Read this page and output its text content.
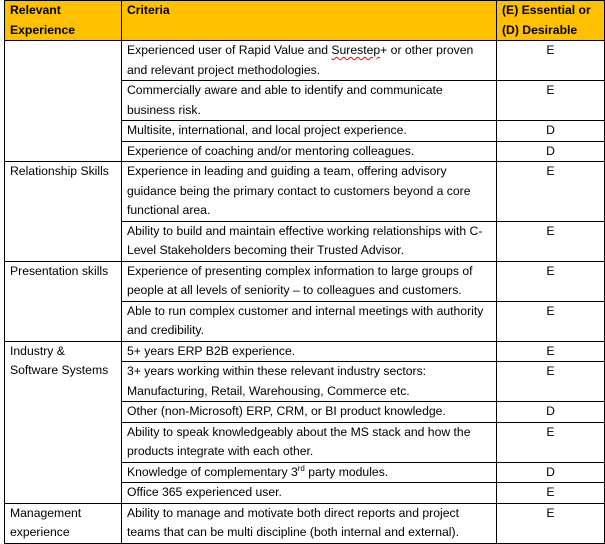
Relevant Experience	Criteria	(E) Essential or (D) Desirable
	Experienced user of Rapid Value and Surestep+ or other proven and relevant project methodologies.	E
	Commercially aware and able to identify and communicate business risk.	E
	Multisite, international, and local project experience.	D
	Experience of coaching and/or mentoring colleagues.	D
Relationship Skills	Experience in leading and guiding a team, offering advisory guidance being the primary contact to customers beyond a core functional area.	E
	Ability to build and maintain effective working relationships with C-Level Stakeholders becoming their Trusted Advisor.	E
Presentation skills	Experience of presenting complex information to large groups of people at all levels of seniority – to colleagues and customers.	E
	Able to run complex customer and internal meetings with authority and credibility.	E
Industry & Software Systems	5+ years ERP B2B experience.	E
	3+ years working within these relevant industry sectors: Manufacturing, Retail, Warehousing, Commerce etc.	E
	Other (non-Microsoft) ERP, CRM, or BI product knowledge.	D
	Ability to speak knowledgeably about the MS stack and how the products integrate with each other.	E
	Knowledge of complementary 3rd party modules.	D
	Office 365 experienced user.	E
Management experience	Ability to manage and motivate both direct reports and project teams that can be multi discipline (both internal and external).	E
